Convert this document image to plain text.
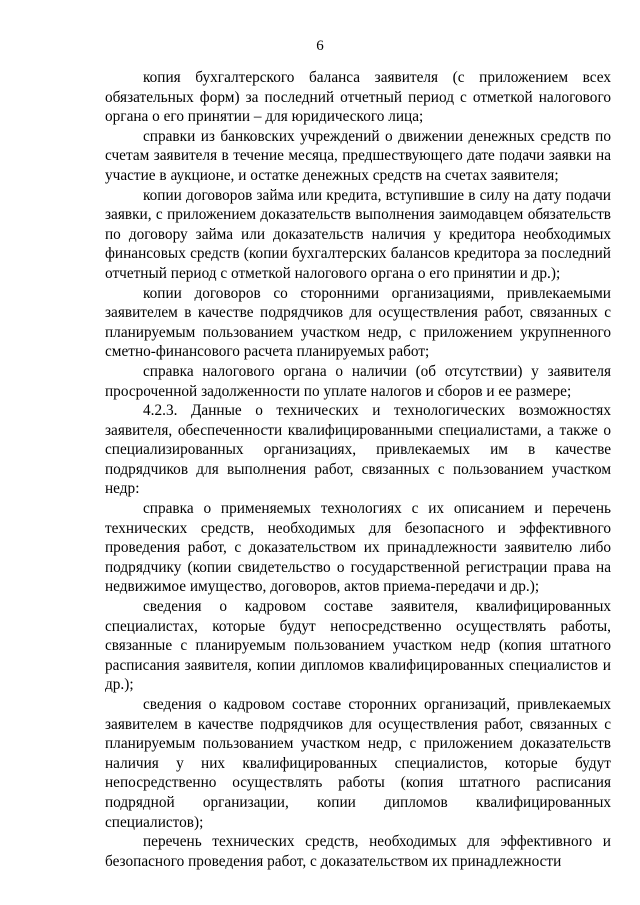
6

копия бухгалтерского баланса заявителя (с приложением всех обязательных форм) за последний отчетный период с отметкой налогового органа о его принятии – для юридического лица;

справки из банковских учреждений о движении денежных средств по счетам заявителя в течение месяца, предшествующего дате подачи заявки на участие в аукционе, и остатке денежных средств на счетах заявителя;

копии договоров займа или кредита, вступившие в силу на дату подачи заявки, с приложением доказательств выполнения заимодавцем обязательств по договору займа или доказательств наличия у кредитора необходимых финансовых средств (копии бухгалтерских балансов кредитора за последний отчетный период с отметкой налогового органа о его принятии и др.);

копии договоров со сторонними организациями, привлекаемыми заявителем в качестве подрядчиков для осуществления работ, связанных с планируемым пользованием участком недр, с приложением укрупненного сметно-финансового расчета планируемых работ;

справка налогового органа о наличии (об отсутствии) у заявителя просроченной задолженности по уплате налогов и сборов и ее размере;

4.2.3. Данные о технических и технологических возможностях заявителя, обеспеченности квалифицированными специалистами, а также о специализированных организациях, привлекаемых им в качестве подрядчиков для выполнения работ, связанных с пользованием участком недр:

справка о применяемых технологиях с их описанием и перечень технических средств, необходимых для безопасного и эффективного проведения работ, с доказательством их принадлежности заявителю либо подрядчику (копии свидетельство о государственной регистрации права на недвижимое имущество, договоров, актов приема-передачи и др.);

сведения о кадровом составе заявителя, квалифицированных специалистах, которые будут непосредственно осуществлять работы, связанные с планируемым пользованием участком недр (копия штатного расписания заявителя, копии дипломов квалифицированных специалистов и др.);

сведения о кадровом составе сторонних организаций, привлекаемых заявителем в качестве подрядчиков для осуществления работ, связанных с планируемым пользованием участком недр, с приложением доказательств наличия у них квалифицированных специалистов, которые будут непосредственно осуществлять работы (копия штатного расписания подрядной организации, копии дипломов квалифицированных специалистов);

перечень технических средств, необходимых для эффективного и безопасного проведения работ, с доказательством их принадлежности
